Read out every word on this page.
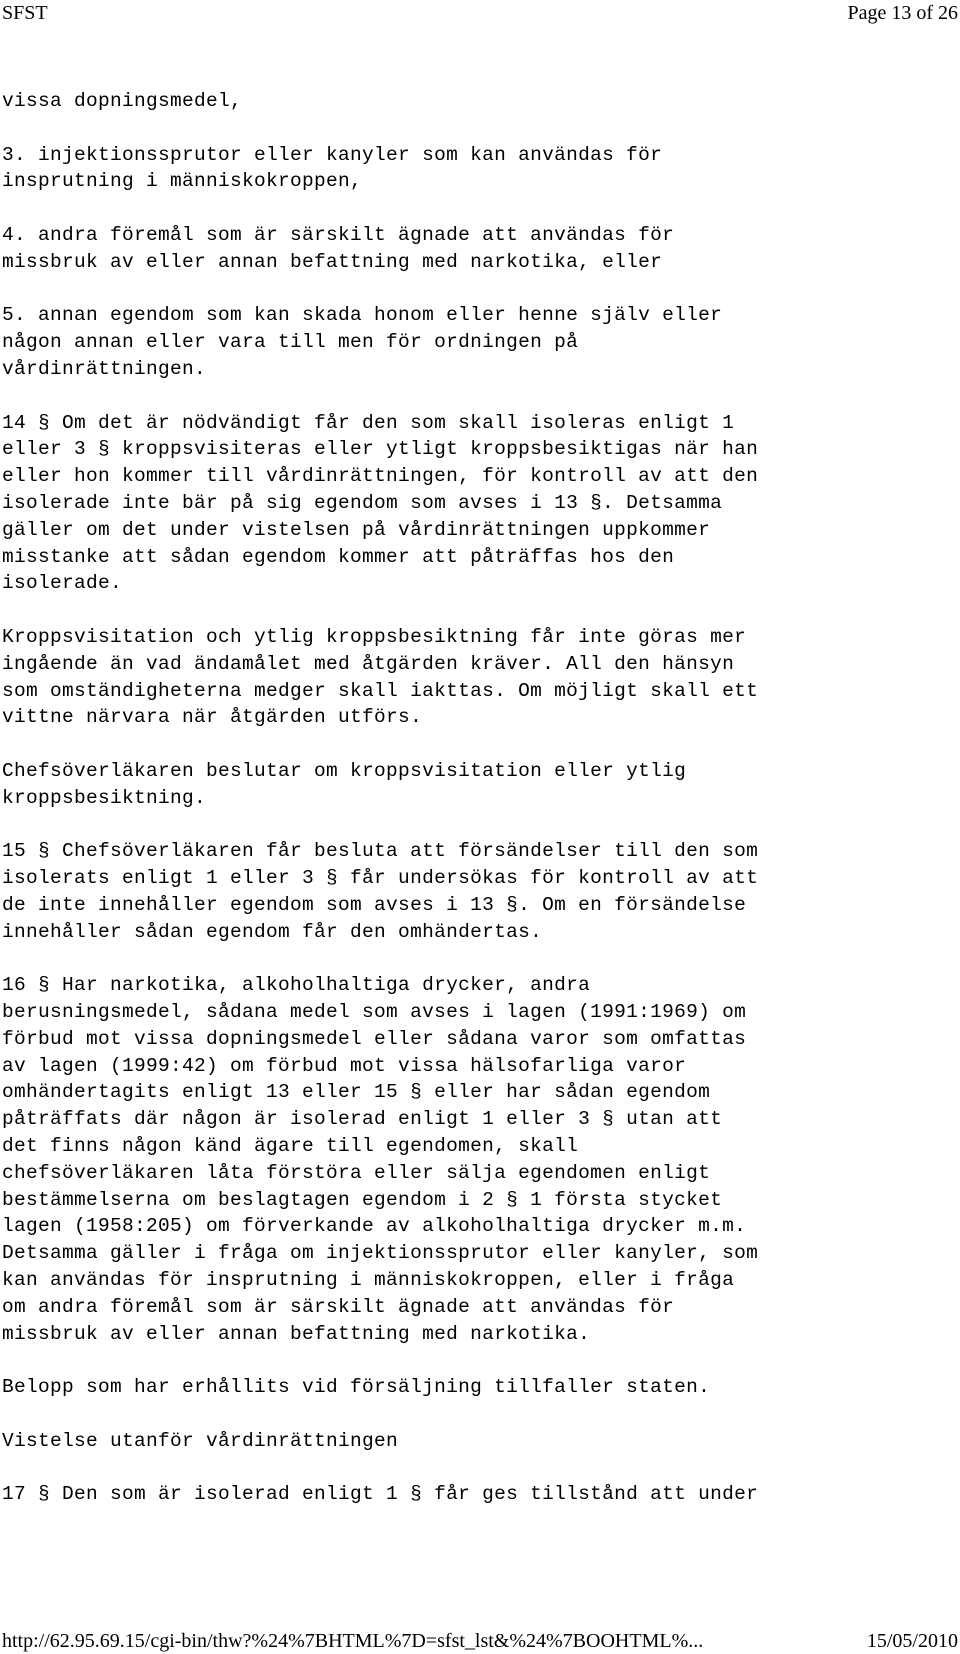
SFST	Page 13 of 26

vissa dopningsmedel,

3. injektionssprutor eller kanyler som kan användas för
insprutning i människokroppen,

4. andra föremål som är särskilt ägnade att användas för
missbruk av eller annan befattning med narkotika, eller

5. annan egendom som kan skada honom eller henne själv eller
någon annan eller vara till men för ordningen på
vårdinrättningen.

14 § Om det är nödvändigt får den som skall isoleras enligt 1
eller 3 § kroppsvisiteras eller ytligt kroppsbesiktigas när han
eller hon kommer till vårdinrättningen, för kontroll av att den
isolerade inte bär på sig egendom som avses i 13 §. Detsamma
gäller om det under vistelsen på vårdinrättningen uppkommer
misstanke att sådan egendom kommer att påträffas hos den
isolerade.

Kroppsvisitation och ytlig kroppsbesiktning får inte göras mer
ingående än vad ändamålet med åtgärden kräver. All den hänsyn
som omständigheterna medger skall iakttas. Om möjligt skall ett
vittne närvara när åtgärden utförs.

Chefsöverläkaren beslutar om kroppsvisitation eller ytlig
kroppsbesiktning.

15 § Chefsöverläkaren får besluta att försändelser till den som
isolerats enligt 1 eller 3 § får undersökas för kontroll av att
de inte innehåller egendom som avses i 13 §. Om en försändelse
innehåller sådan egendom får den omhändertas.

16 § Har narkotika, alkoholhaltiga drycker, andra
berusningsmedel, sådana medel som avses i lagen (1991:1969) om
förbud mot vissa dopningsmedel eller sådana varor som omfattas
av lagen (1999:42) om förbud mot vissa hälsofarliga varor
omhändertagits enligt 13 eller 15 § eller har sådan egendom
påträffats där någon är isolerad enligt 1 eller 3 § utan att
det finns någon känd ägare till egendomen, skall
chefsöverläkaren låta förstöra eller sälja egendomen enligt
bestämmelserna om beslagtagen egendom i 2 § 1 första stycket
lagen (1958:205) om förverkande av alkoholhaltiga drycker m.m.
Detsamma gäller i fråga om injektionssprutor eller kanyler, som
kan användas för insprutning i människokroppen, eller i fråga
om andra föremål som är särskilt ägnade att användas för
missbruk av eller annan befattning med narkotika.

Belopp som har erhållits vid försäljning tillfaller staten.

Vistelse utanför vårdinrättningen

17 § Den som är isolerad enligt 1 § får ges tillstånd att under

http://62.95.69.15/cgi-bin/thw?%24%7BHTML%7D=sfst_lst&%24%7BOOHTML%...	15/05/2010
